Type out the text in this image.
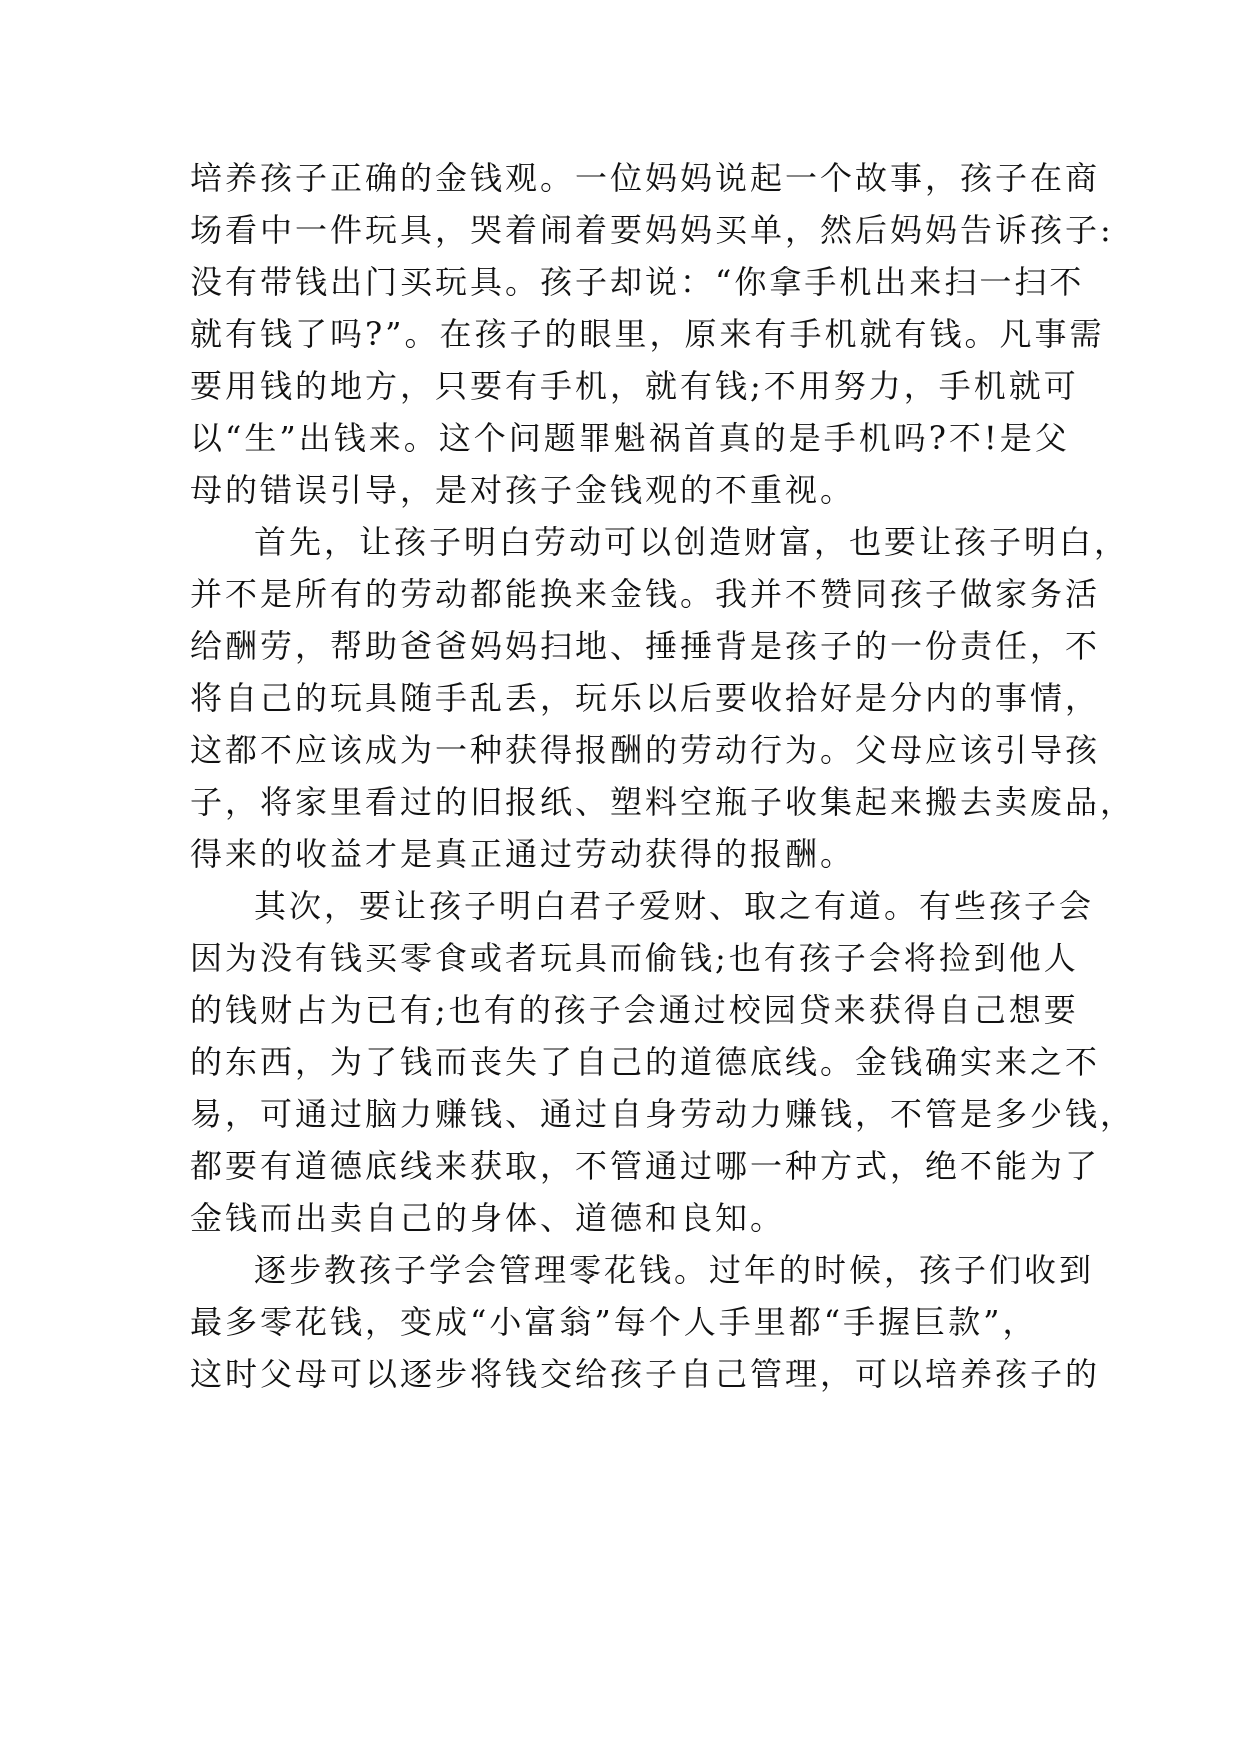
培养孩子正确的金钱观。一位妈妈说起一个故事，孩子在商
场看中一件玩具，哭着闹着要妈妈买单，然后妈妈告诉孩子:
没有带钱出门买玩具。孩子却说：“你拿手机出来扫一扫不
就有钱了吗?”。在孩子的眼里，原来有手机就有钱。凡事需
要用钱的地方，只要有手机，就有钱;不用努力，手机就可
以“生”出钱来。这个问题罪魁祸首真的是手机吗?不!是父
母的错误引导，是对孩子金钱观的不重视。
首先，让孩子明白劳动可以创造财富，也要让孩子明白，
并不是所有的劳动都能换来金钱。我并不赞同孩子做家务活
给酬劳，帮助爸爸妈妈扫地、捶捶背是孩子的一份责任，不
将自己的玩具随手乱丢，玩乐以后要收拾好是分内的事情，
这都不应该成为一种获得报酬的劳动行为。父母应该引导孩
子，将家里看过的旧报纸、塑料空瓶子收集起来搬去卖废品，
得来的收益才是真正通过劳动获得的报酬。
其次，要让孩子明白君子爱财、取之有道。有些孩子会
因为没有钱买零食或者玩具而偷钱;也有孩子会将捡到他人
的钱财占为已有;也有的孩子会通过校园贷来获得自己想要
的东西，为了钱而丧失了自己的道德底线。金钱确实来之不
易，可通过脑力赚钱、通过自身劳动力赚钱，不管是多少钱，
都要有道德底线来获取，不管通过哪一种方式，绝不能为了
金钱而出卖自己的身体、道德和良知。
逐步教孩子学会管理零花钱。过年的时候，孩子们收到
最多零花钱，变成“小富翁”每个人手里都“手握巨款”，
这时父母可以逐步将钱交给孩子自己管理，可以培养孩子的
